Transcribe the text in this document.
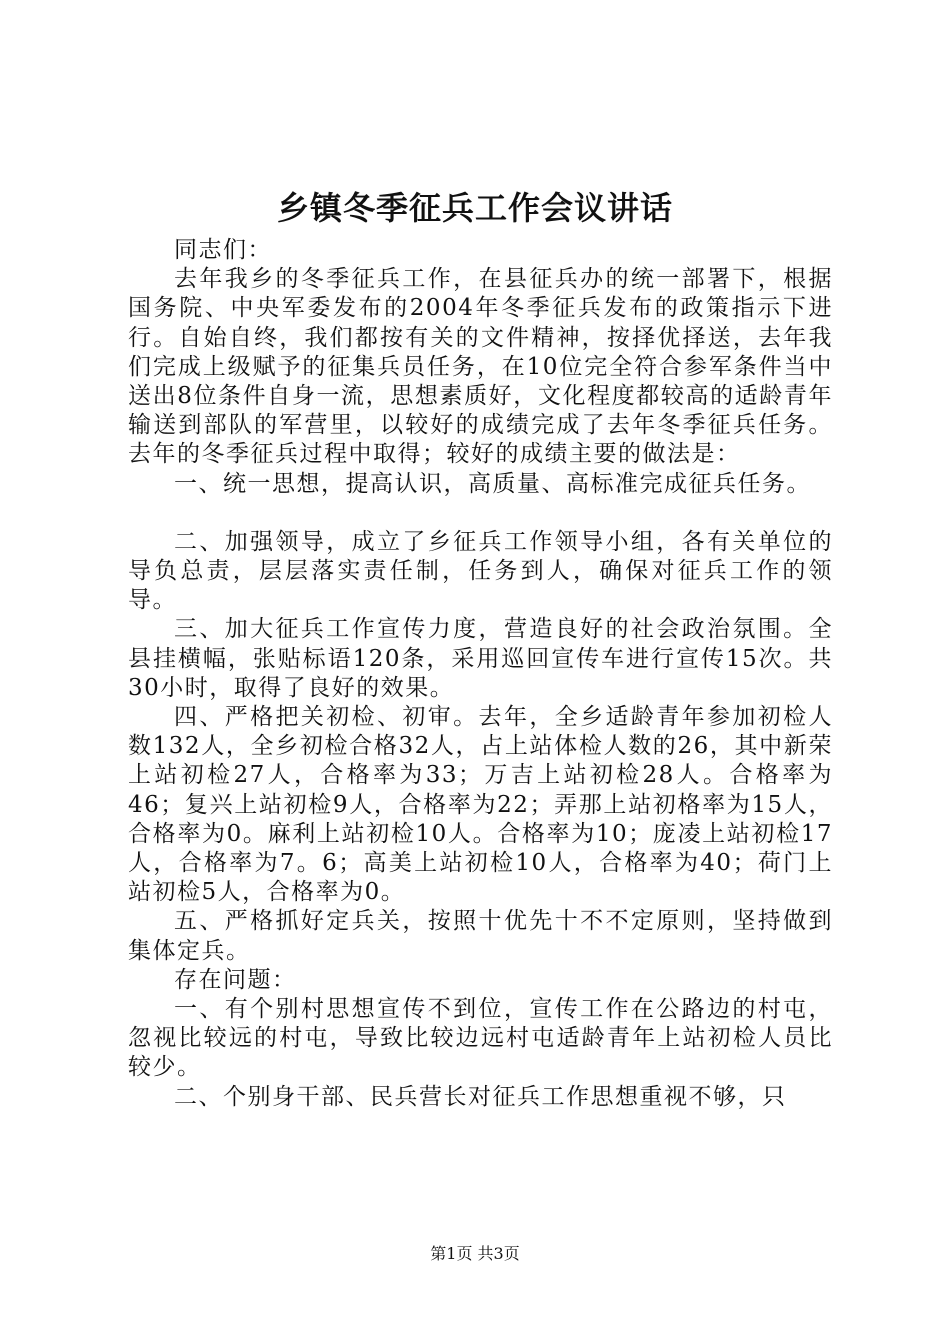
乡镇冬季征兵工作会议讲话

同志们：

去年我乡的冬季征兵工作，在县征兵办的统一部署下，根据国务院、中央军委发布的2004年冬季征兵发布的政策指示下进行。自始自终，我们都按有关的文件精神，按择优择送，去年我们完成上级赋予的征集兵员任务，在10位完全符合参军条件当中送出8位条件自身一流，思想素质好，文化程度都较高的适龄青年输送到部队的军营里，以较好的成绩完成了去年冬季征兵任务。去年的冬季征兵过程中取得；较好的成绩主要的做法是：

一、统一思想，提高认识，高质量、高标准完成征兵任务。

二、加强领导，成立了乡征兵工作领导小组，各有关单位的导负总责，层层落实责任制，任务到人，确保对征兵工作的领导。

三、加大征兵工作宣传力度，营造良好的社会政治氛围。全县挂横幅，张贴标语120条，采用巡回宣传车进行宣传15次。共30小时，取得了良好的效果。

四、严格把关初检、初审。去年，全乡适龄青年参加初检人数132人，全乡初检合格32人，占上站体检人数的26，其中新荣上站初检27人，合格率为33；万吉上站初检28人。合格率为46；复兴上站初检9人，合格率为22；弄那上站初格率为15人，合格率为0。麻利上站初检10人。合格率为10；庞凌上站初检17人，合格率为7。6；高美上站初检10人，合格率为40；荷门上站初检5人，合格率为0。

五、严格抓好定兵关，按照十优先十不不定原则，坚持做到集体定兵。

存在问题：

一、有个别村思想宣传不到位，宣传工作在公路边的村屯，忽视比较远的村屯，导致比较边远村屯适龄青年上站初检人员比较少。

二、个别身干部、民兵营长对征兵工作思想重视不够，只

第1页 共3页
